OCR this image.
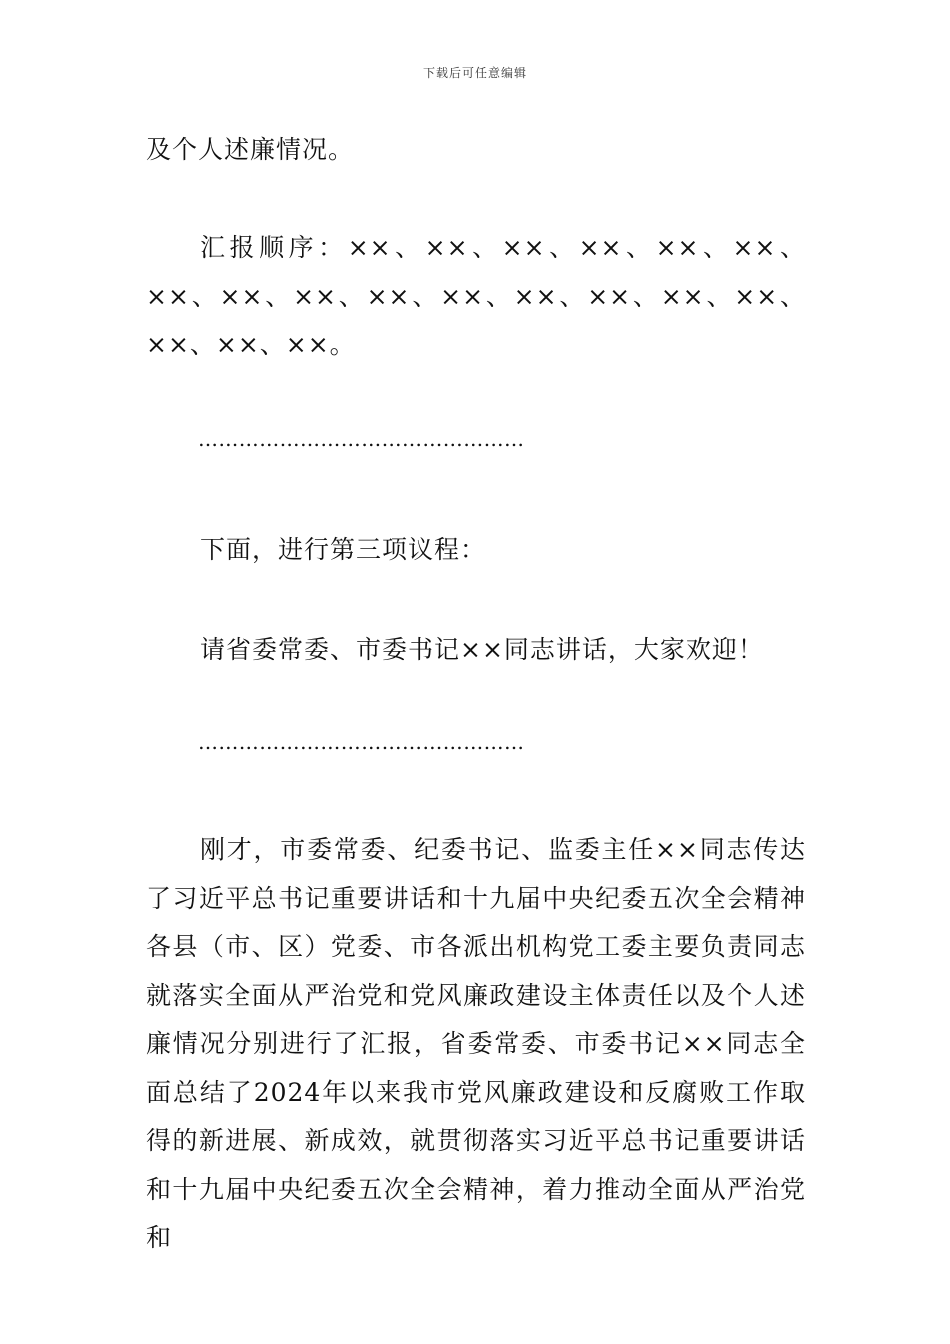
下载后可任意编辑
及个人述廉情况。
汇报顺序：××、××、××、××、××、××、××、××、××、××、××、××、××、××、××、××、××、××。
…………………………………………
下面，进行第三项议程：
请省委常委、市委书记××同志讲话，大家欢迎！
…………………………………………
刚才，市委常委、纪委书记、监委主任××同志传达了习近平总书记重要讲话和十九届中央纪委五次全会精神各县（市、区）党委、市各派出机构党工委主要负责同志就落实全面从严治党和党风廉政建设主体责任以及个人述廉情况分别进行了汇报，省委常委、市委书记××同志全面总结了2024年以来我市党风廉政建设和反腐败工作取得的新进展、新成效，就贯彻落实习近平总书记重要讲话和十九届中央纪委五次全会精神，着力推动全面从严治党和
